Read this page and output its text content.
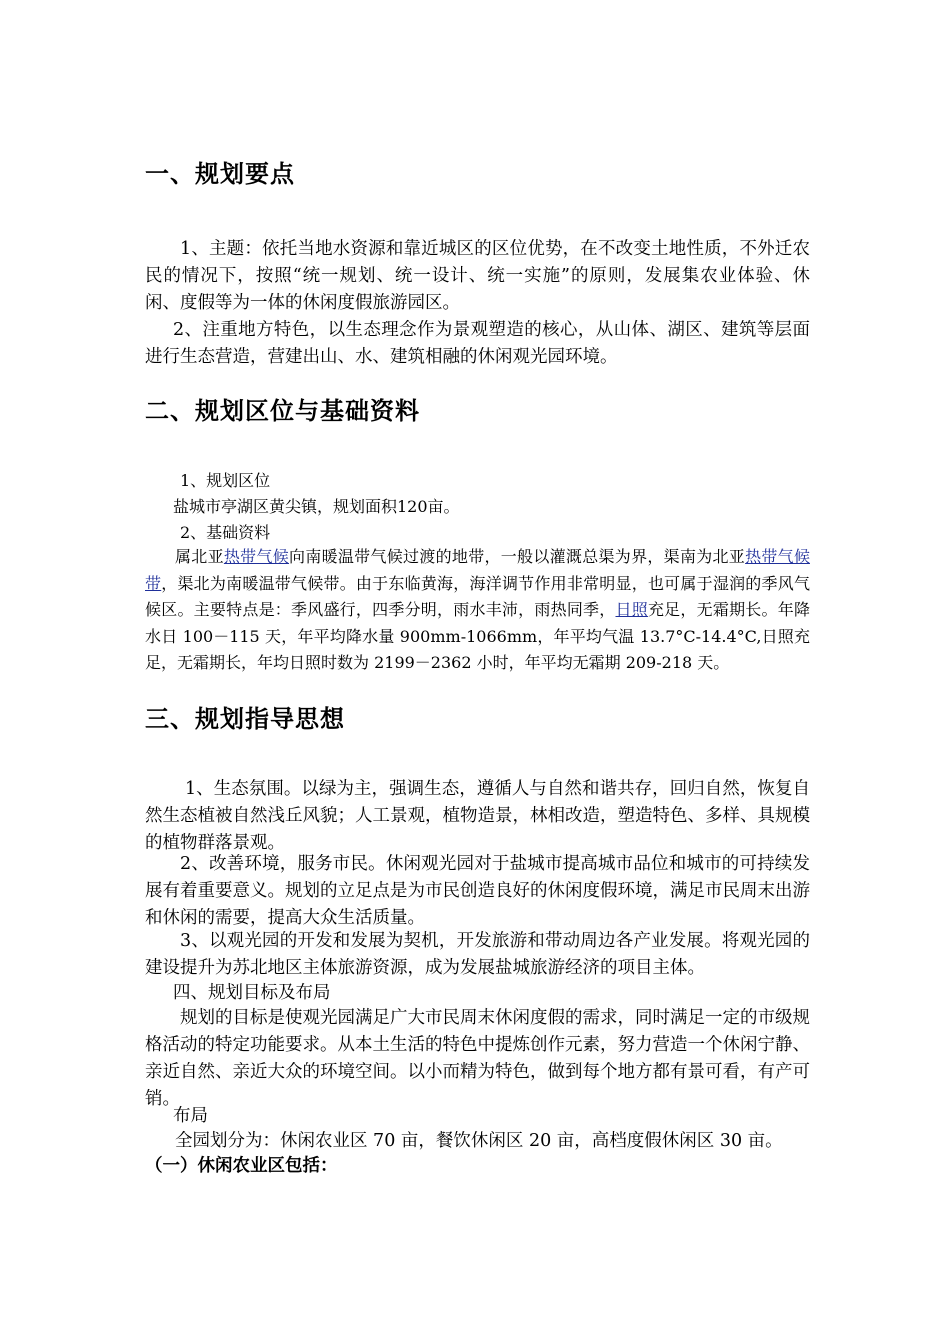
一、规划要点

1、主题：依托当地水资源和靠近城区的区位优势，在不改变土地性质，不外迁农民的情况下，按照“统一规划、统一设计、统一实施”的原则，发展集农业体验、休闲、度假等为一体的休闲度假旅游园区。

2、注重地方特色，以生态理念作为景观塑造的核心，从山体、湖区、建筑等层面进行生态营造，营建出山、水、建筑相融的休闲观光园环境。

二、规划区位与基础资料

1、规划区位

盐城市亭湖区黄尖镇，规划面积120亩。

2、基础资料

属北亚热带气候向南暖温带气候过渡的地带，一般以灌溉总渠为界，渠南为北亚热带气候带，渠北为南暖温带气候带。由于东临黄海，海洋调节作用非常明显，也可属于湿润的季风气候区。主要特点是：季风盛行，四季分明，雨水丰沛，雨热同季，日照充足，无霜期长。年降水日 100－115 天，年平均降水量 900mm-1066mm，年平均气温 13.7°C-14.4°C,日照充足，无霜期长，年均日照时数为 2199－2362 小时，年平均无霜期 209-218 天。

三、规划指导思想

1、生态氛围。以绿为主，强调生态，遵循人与自然和谐共存，回归自然，恢复自然生态植被自然浅丘风貌；人工景观，植物造景，林相改造，塑造特色、多样、具规模的植物群落景观。

2、改善环境，服务市民。休闲观光园对于盐城市提高城市品位和城市的可持续发展有着重要意义。规划的立足点是为市民创造良好的休闲度假环境，满足市民周末出游和休闲的需要，提高大众生活质量。

3、以观光园的开发和发展为契机，开发旅游和带动周边各产业发展。将观光园的建设提升为苏北地区主体旅游资源，成为发展盐城旅游经济的项目主体。

四、规划目标及布局

规划的目标是使观光园满足广大市民周末休闲度假的需求，同时满足一定的市级规格活动的特定功能要求。从本土生活的特色中提炼创作元素，努力营造一个休闲宁静、亲近自然、亲近大众的环境空间。以小而精为特色，做到每个地方都有景可看，有产可销。

布局

全园划分为：休闲农业区 70 亩，餐饮休闲区 20 亩，高档度假休闲区 30 亩。

（一）休闲农业区包括：
